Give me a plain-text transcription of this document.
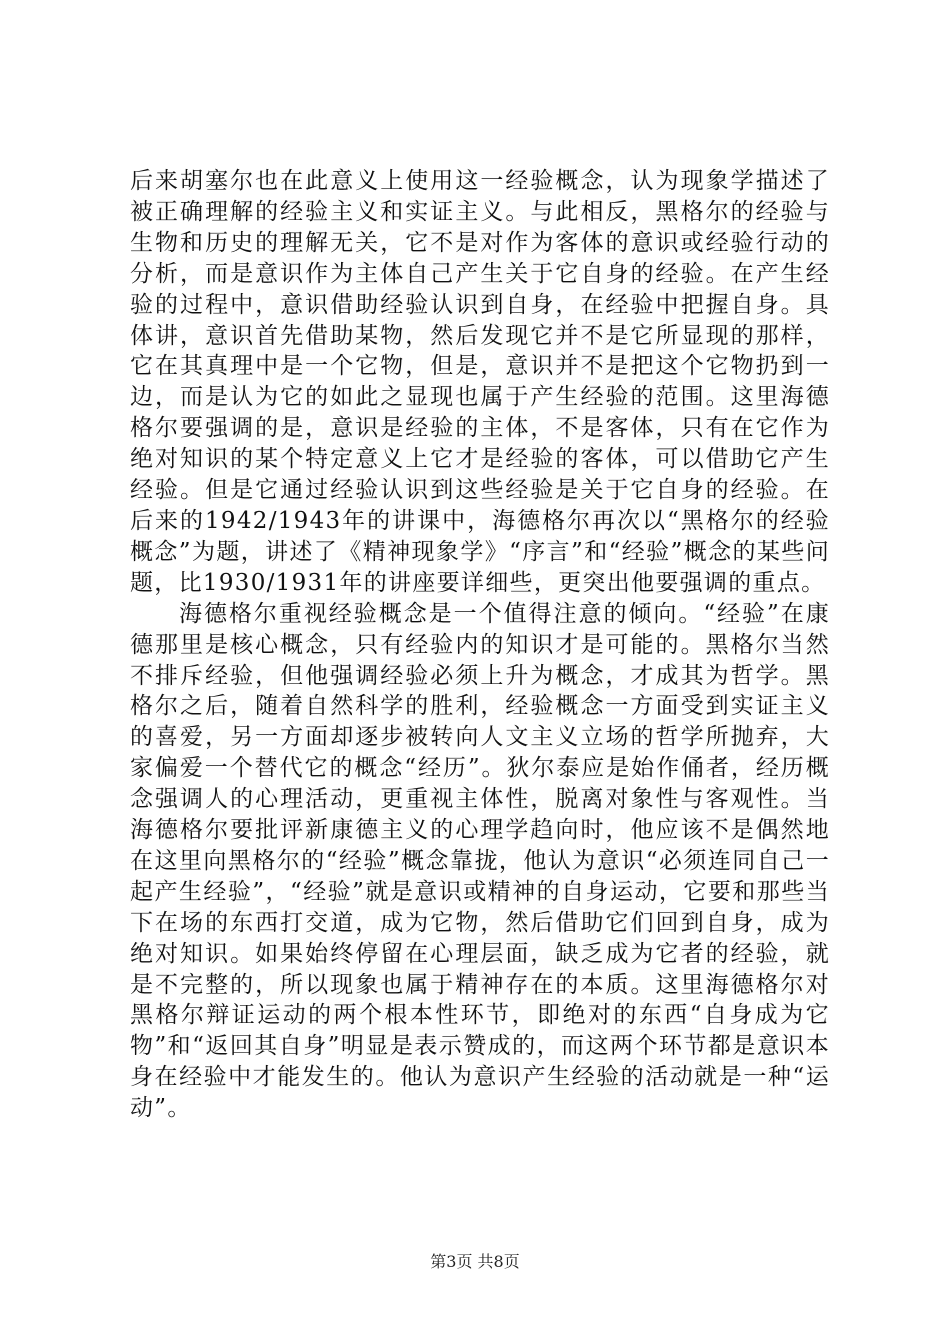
后来胡塞尔也在此意义上使用这一经验概念，认为现象学描述了被正确理解的经验主义和实证主义。与此相反，黑格尔的经验与生物和历史的理解无关，它不是对作为客体的意识或经验行动的分析，而是意识作为主体自己产生关于它自身的经验。在产生经验的过程中，意识借助经验认识到自身，在经验中把握自身。具体讲，意识首先借助某物，然后发现它并不是它所显现的那样，它在其真理中是一个它物，但是，意识并不是把这个它物扔到一边，而是认为它的如此之显现也属于产生经验的范围。这里海德格尔要强调的是，意识是经验的主体，不是客体，只有在它作为绝对知识的某个特定意义上它才是经验的客体，可以借助它产生经验。但是它通过经验认识到这些经验是关于它自身的经验。在后来的1942/1943年的讲课中，海德格尔再次以“黑格尔的经验概念”为题，讲述了《精神现象学》“序言”和“经验”概念的某些问题，比1930/1931年的讲座要详细些，更突出他要强调的重点。

海德格尔重视经验概念是一个值得注意的倾向。“经验”在康德那里是核心概念，只有经验内的知识才是可能的。黑格尔当然不排斥经验，但他强调经验必须上升为概念，才成其为哲学。黑格尔之后，随着自然科学的胜利，经验概念一方面受到实证主义的喜爱，另一方面却逐步被转向人文主义立场的哲学所抛弃，大家偏爱一个替代它的概念“经历”。狄尔泰应是始作俑者，经历概念强调人的心理活动，更重视主体性，脱离对象性与客观性。当海德格尔要批评新康德主义的心理学趋向时，他应该不是偶然地在这里向黑格尔的“经验”概念靠拢，他认为意识“必须连同自己一起产生经验”，“经验”就是意识或精神的自身运动，它要和那些当下在场的东西打交道，成为它物，然后借助它们回到自身，成为绝对知识。如果始终停留在心理层面，缺乏成为它者的经验，就是不完整的，所以现象也属于精神存在的本质。这里海德格尔对黑格尔辩证运动的两个根本性环节，即绝对的东西“自身成为它物”和“返回其自身”明显是表示赞成的，而这两个环节都是意识本身在经验中才能发生的。他认为意识产生经验的活动就是一种“运动”。

第3页 共8页
